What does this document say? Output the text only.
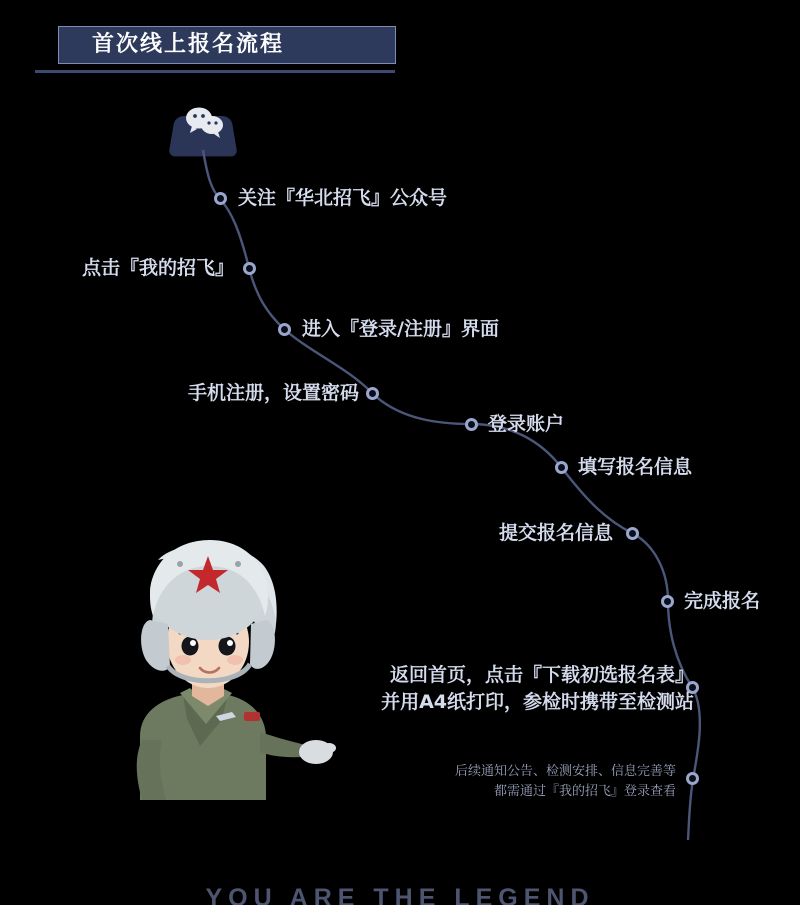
首次线上报名流程
关注『华北招飞』公众号
点击『我的招飞』
进入『登录/注册』界面
手机注册，设置密码
登录账户
填写报名信息
提交报名信息
完成报名
返回首页，点击『下载初选报名表』
并用A4纸打印，参检时携带至检测站
后续通知公告、检测安排、信息完善等
都需通过『我的招飞』登录查看
YOU ARE THE LEGEND
